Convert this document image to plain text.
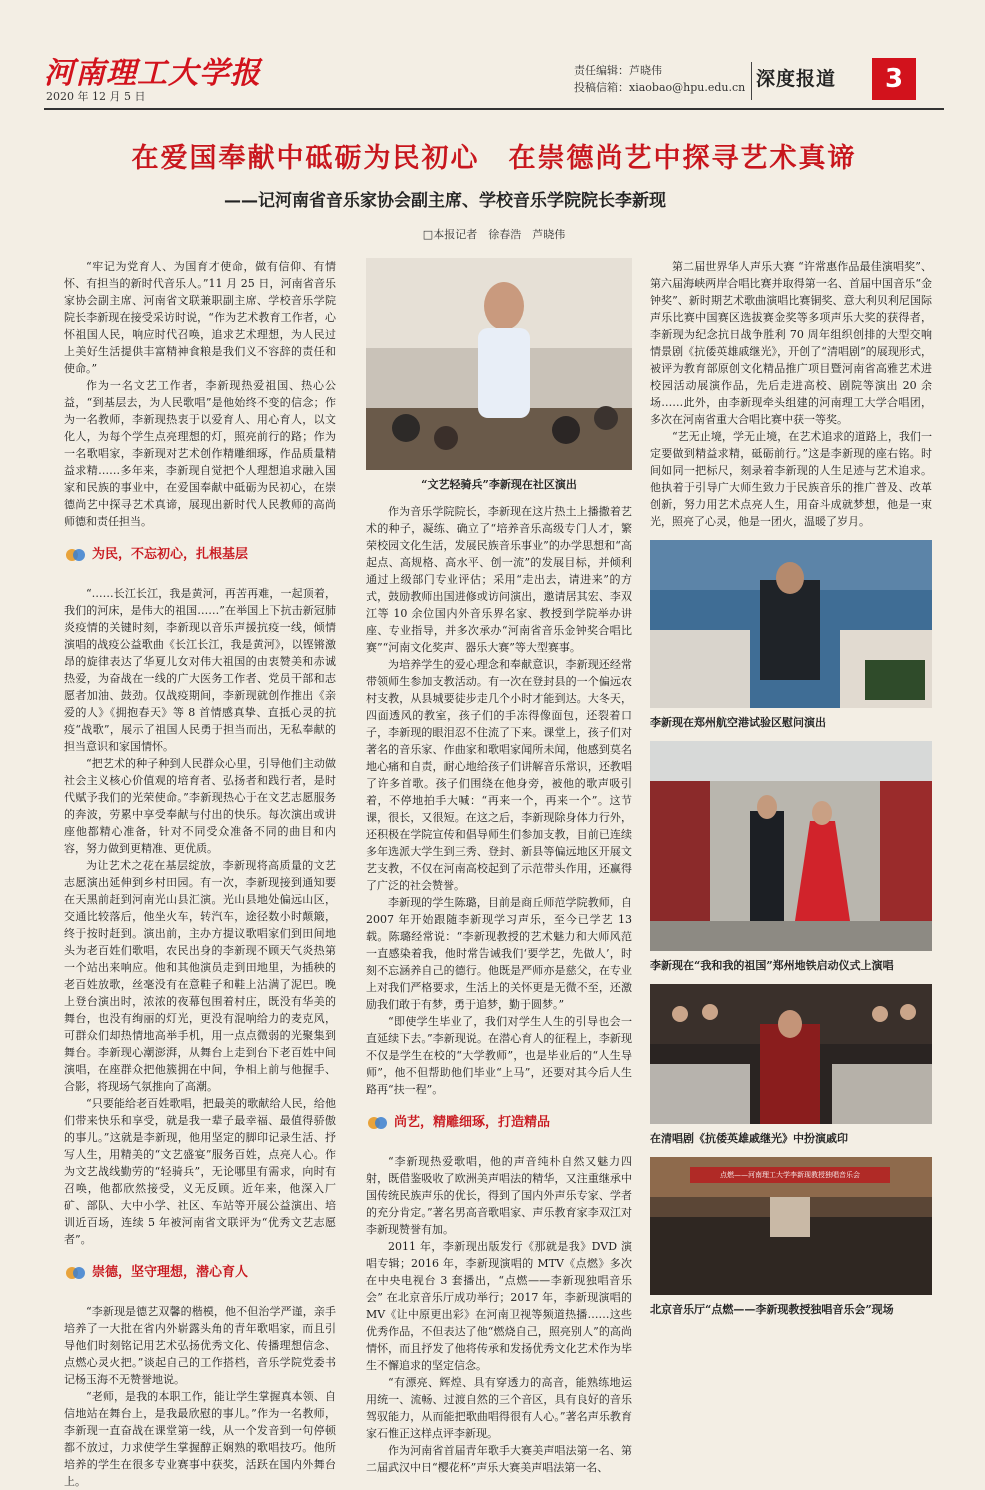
河南理工大学报
2020 年 12 月 5 日
责任编辑：芦晓伟
投稿信箱：xiaobao@hpu.edu.cn 深度报道	3
在爱国奉献中砥砺为民初心　在崇德尚艺中探寻艺术真谛
——记河南省音乐家协会副主席、学校音乐学院院长李新现
□本报记者　徐春浩　芦晓伟

“牢记为党育人、为国育才使命，做有信仰、有情怀、有担当的新时代音乐人。”11 月 25 日，河南省音乐家协会副主席、河南省文联兼职副主席、学校音乐学院院长李新现在接受采访时说，“作为艺术教育工作者，心怀祖国人民，响应时代召唤，追求艺术理想，为人民过上美好生活提供丰富精神食粮是我们义不容辞的责任和使命。”

作为一名文艺工作者，李新现热爱祖国、热心公益，“到基层去，为人民歌唱”是他始终不变的信念；作为一名教师，李新现热衷于以爱育人、用心育人，以文化人，为每个学生点亮理想的灯，照亮前行的路；作为一名歌唱家，李新现对艺术创作精雕细琢，作品质量精益求精……多年来，李新现自觉把个人理想追求融入国家和民族的事业中，在爱国奉献中砥砺为民初心，在崇德尚艺中探寻艺术真谛，展现出新时代人民教师的高尚师德和责任担当。

为民，不忘初心，扎根基层

“……长江长江，我是黄河，再苦再难，一起顶着，我们的河床，是伟大的祖国……”在举国上下抗击新冠肺炎疫情的关键时刻，李新现以音乐声援抗疫一线，倾情演唱的战疫公益歌曲《长江长江，我是黄河》，以铿锵激昂的旋律表达了华夏儿女对伟大祖国的由衷赞美和赤诚热爱，为奋战在一线的广大医务工作者、党员干部和志愿者加油、鼓劲。仅战疫期间，李新现就创作推出《亲爱的人》《拥抱春天》等 8 首情感真挚、直抵心灵的抗疫“战歌”，展示了祖国人民勇于担当而出，无私奉献的担当意识和家国情怀。

“把艺术的种子种到人民群众心里，引导他们主动做社会主义核心价值观的培育者、弘扬者和践行者，是时代赋予我们的光荣使命。”李新现热心于在文艺志愿服务的奔波，劳累中享受奉献与付出的快乐。每次演出或讲座他都精心准备，针对不同受众准备不同的曲目和内容，努力做到更精准、更优质。

为让艺术之花在基层绽放，李新现将高质量的文艺志愿演出延伸到乡村田园。有一次，李新现接到通知要在天黑前赶到河南光山县汇演。光山县地处偏远山区，交通比较落后，他坐火车，转汽车，途径数小时颠簸，终于按时赶到。演出前，主办方提议歌唱家们到田间地头为老百姓们歌唱，农民出身的李新现不顾天气炎热第一个站出来响应。他和其他演员走到田地里，为插秧的老百姓放歌，丝毫没有在意鞋子和鞋上沾满了泥巴。晚上登台演出时，浓浓的夜幕包围着村庄，既没有华美的舞台，也没有绚丽的灯光，更没有混响给力的麦克风，可群众们却热情地高举手机，用一点点微弱的光聚集到舞台。李新现心潮澎湃，从舞台上走到台下老百姓中间演唱，在座群众把他簇拥在中间，争相上前与他握手、合影，将现场气氛推向了高潮。

“只要能给老百姓歌唱，把最美的歌献给人民，给他们带来快乐和享受，就是我一辈子最幸福、最值得骄傲的事儿。”这就是李新现，他用坚定的脚印记录生活、抒写人生，用精美的“文艺盛宴”服务百姓，点亮人心。作为文艺战线勤劳的“轻骑兵”，无论哪里有需求，向时有召唤，他都欣然接受，义无反顾。近年来，他深入厂矿、部队、大中小学、社区、车站等开展公益演出、培训近百场，连续 5 年被河南省文联评为“优秀文艺志愿者”。

崇德，坚守理想，潜心育人

“李新现是德艺双馨的楷模，他不但治学严谨，亲手培养了一大批在省内外崭露头角的青年歌唱家，而且引导他们时刻铭记用艺术弘扬优秀文化、传播理想信念、点燃心灵火把。”谈起自己的工作搭档，音乐学院党委书记杨玉海不无赞誉地说。

“老师，是我的本职工作，能让学生掌握真本领、自信地站在舞台上，是我最欣慰的事儿。”作为一名教师，李新现一直奋战在课堂第一线，从一个发音到一句停顿都不放过，力求使学生掌握醇正娴熟的歌唱技巧。他所培养的学生在很多专业赛事中获奖，活跃在国内外舞台上。

“文艺轻骑兵”李新现在社区演出

作为音乐学院院长，李新现在这片热土上播撒着艺术的种子，凝练、确立了“培养音乐高级专门人才，繁荣校园文化生活，发展民族音乐事业”的办学思想和“高起点、高规格、高水平、创一流”的发展目标，并倾利通过上级部门专业评估；采用“走出去，请进来”的方式，鼓励教师出国进修或访问演出，邀请居其宏、李双江等 10 余位国内外音乐界名家、教授到学院举办讲座、专业指导，并多次承办“河南省音乐金钟奖合唱比赛”“河南文化奖声、器乐大赛”等大型赛事。

为培养学生的爱心理念和奉献意识，李新现还经常带领师生参加支教活动。有一次在登封县的一个偏远农村支教，从县城要徒步走几个小时才能到达。大冬天，四面透风的教室，孩子们的手冻得像面包，还裂着口子，李新现的眼泪忍不住流了下来。课堂上，孩子们对著名的音乐家、作曲家和歌唱家闻所未闻，他感到莫名地心痛和自责，耐心地给孩子们讲解音乐常识，还教唱了许多首歌。孩子们围绕在他身旁，被他的歌声吸引着，不停地拍手大喊：“再来一个，再来一个”。这节课，很长，又很短。在这之后，李新现除身体力行外，还积极在学院宣传和倡导师生们参加支教，目前已连续多年选派大学生到三秀、登封、新县等偏远地区开展文艺支教，不仅在河南高校起到了示范带头作用，还赢得了广泛的社会赞誉。

李新现的学生陈璐，目前是商丘师范学院教师，自 2007 年开始跟随李新现学习声乐，至今已学艺 13 载。陈璐经常说：“李新现教授的艺术魅力和大师风范一直感染着我，他时常告诫我们‘要学艺，先做人’，时刻不忘涵养自己的德行。他既是严师亦是慈父，在专业上对我们严格要求，生活上的关怀更是无微不至，还激励我们敢于有梦，勇于追梦，勤于圆梦。”

“即使学生毕业了，我们对学生人生的引导也会一直延续下去。”李新现说。在潜心育人的征程上，李新现不仅是学生在校的“大学教师”，也是毕业后的“人生导师”，他不但帮助他们毕业“上马”，还要对其今后人生路再“扶一程”。

尚艺，精雕细琢，打造精品

“李新现热爱歌唱，他的声音纯朴自然又魅力四射，既借鉴吸收了欧洲美声唱法的精华，又注重继承中国传统民族声乐的优长，得到了国内外声乐专家、学者的充分肯定。”著名男高音歌唱家、声乐教育家李双江对李新现赞誉有加。

2011 年，李新现出版发行《那就是我》DVD 演唱专辑；2016 年，李新现演唱的 MTV《点燃》多次在中央电视台 3 套播出，“点燃——李新现独唱音乐会” 在北京音乐厅成功举行；2017 年，李新现演唱的 MV《让中原更出彩》在河南卫视等频道热播……这些优秀作品，不但表达了他“燃烧自己，照亮别人”的高尚情怀，而且抒发了他将传承和发扬优秀文化艺术作为毕生不懈追求的坚定信念。

“有漂亮、辉煌、具有穿透力的高音，能熟练地运用统一、流畅、过渡自然的三个音区，具有良好的音乐驾驭能力，从而能把歌曲唱得很有人心。”著名声乐教育家石惟正这样点评李新现。

作为河南省首届青年歌手大赛美声唱法第一名、第二届武汉中日“樱花杯”声乐大赛美声唱法第一名、

第二届世界华人声乐大赛 “许常惠作品最佳演唱奖”、第六届海峡两岸合唱比赛并取得第一名、首届中国音乐“金钟奖”、新时期艺术歌曲演唱比赛铜奖、意大利贝利尼国际声乐比赛中国赛区选拔赛金奖等多项声乐大奖的获得者，李新现为纪念抗日战争胜利 70 周年组织创排的大型交响情景剧《抗倭英雄戚继光》，开创了“清唱剧”的展现形式，被评为教育部原创文化精品推广项目暨河南省高雅艺术进校园活动展演作品，先后走进高校、剧院等演出 20 余场……此外，由李新现牵头组建的河南理工大学合唱团，多次在河南省重大合唱比赛中获一等奖。

“艺无止境，学无止境，在艺术追求的道路上，我们一定要做到精益求精，砥砺前行。”这是李新现的座右铭。时间如同一把标尺，刻录着李新现的人生足迹与艺术追求。他执着于引导广大师生致力于民族音乐的推广普及、改革创新，努力用艺术点亮人生，用奋斗成就梦想，他是一束光，照亮了心灵，他是一团火，温暖了岁月。

李新现在郑州航空港试验区慰问演出
李新现在“我和我的祖国”郑州地铁启动仪式上演唱
在清唱剧《抗倭英雄戚继光》中扮演戚印
点燃——河南理工大学李新现教授独唱音乐会
北京音乐厅“点燃——李新现教授独唱音乐会”现场
